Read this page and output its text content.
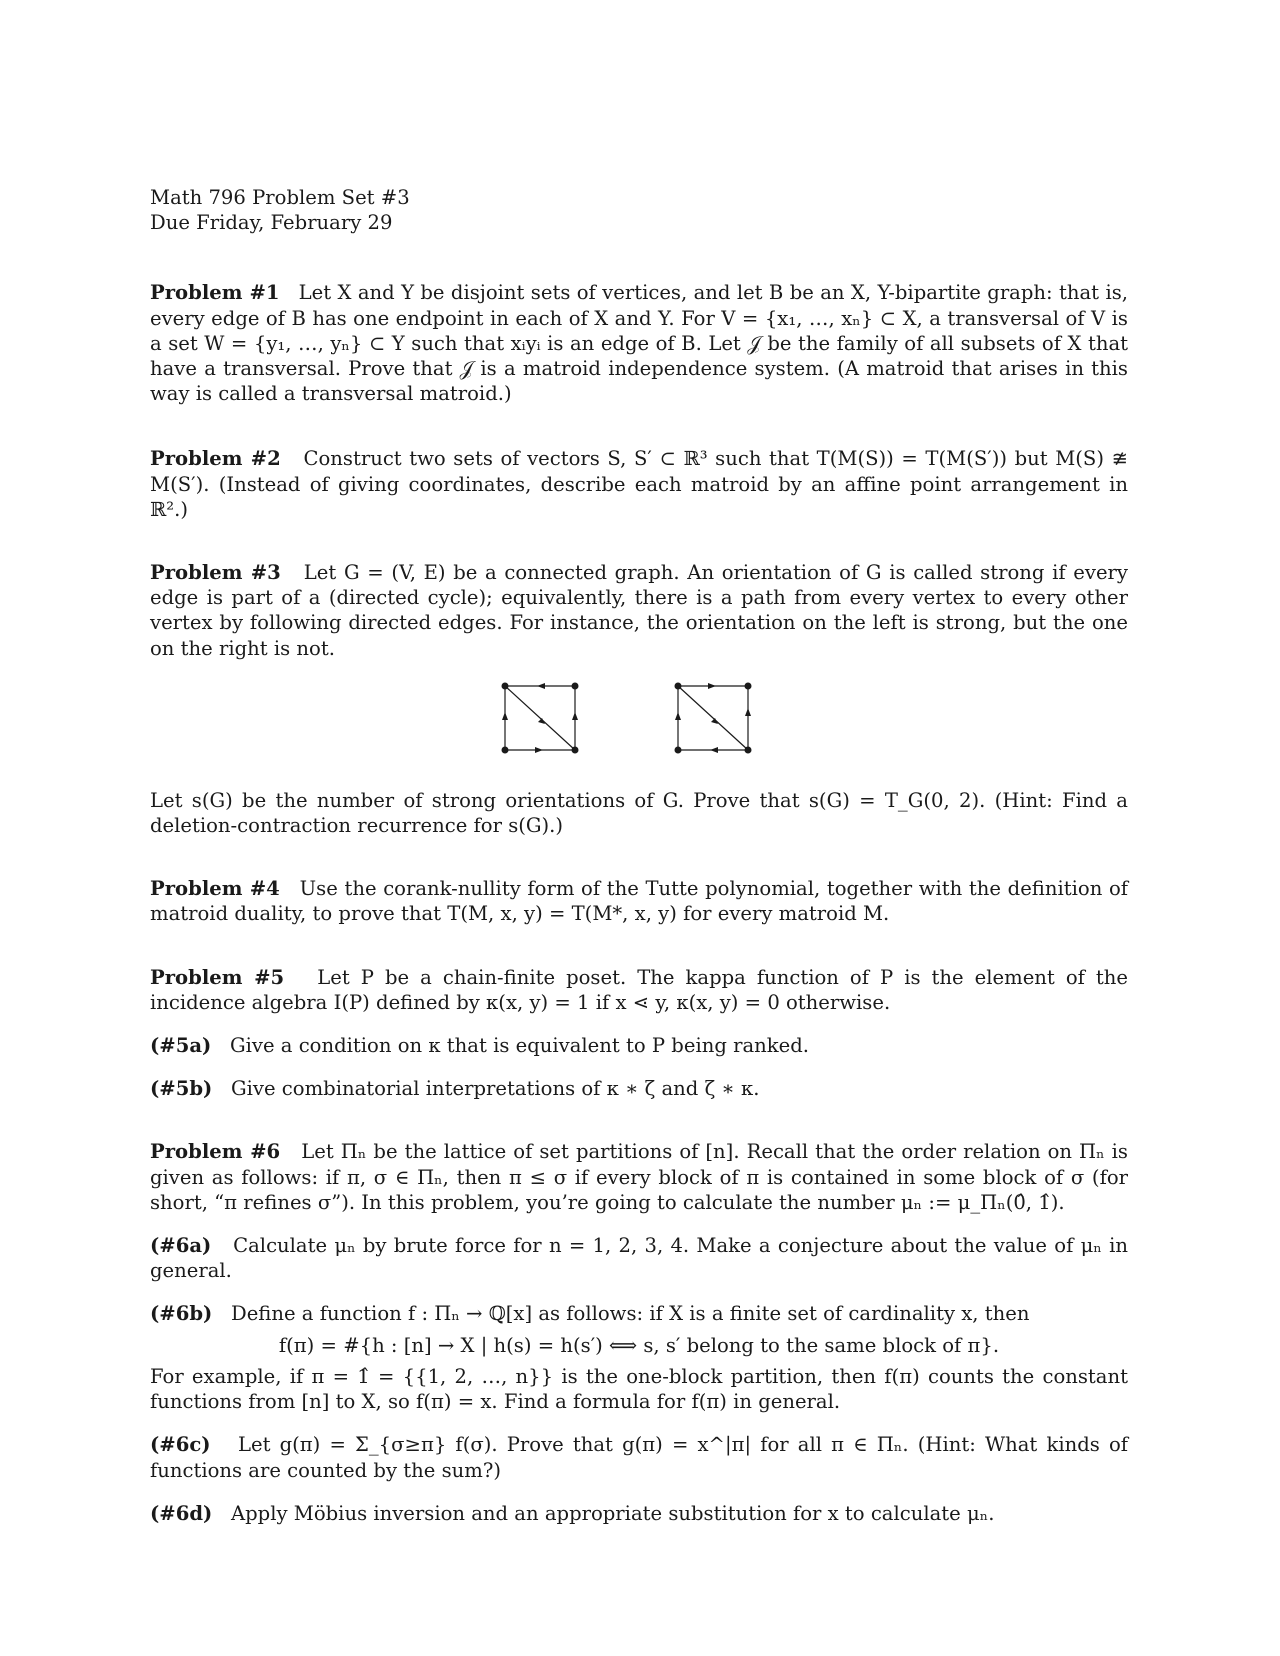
Math 796 Problem Set #3

Due Friday, February 29

Problem #1 Let X and Y be disjoint sets of vertices, and let B be an X, Y-bipartite graph: that is, every edge of B has one endpoint in each of X and Y. For V = {x₁, …, xₙ} ⊂ X, a transversal of V is a set W = {y₁, …, yₙ} ⊂ Y such that xᵢyᵢ is an edge of B. Let 𝒥 be the family of all subsets of X that have a transversal. Prove that 𝒥 is a matroid independence system. (A matroid that arises in this way is called a transversal matroid.)

Problem #2 Construct two sets of vectors S, S′ ⊂ ℝ³ such that T(M(S)) = T(M(S′)) but M(S) ≇ M(S′). (Instead of giving coordinates, describe each matroid by an affine point arrangement in ℝ².)

Problem #3 Let G = (V, E) be a connected graph. An orientation of G is called strong if every edge is part of a (directed cycle); equivalently, there is a path from every vertex to every other vertex by following directed edges. For instance, the orientation on the left is strong, but the one on the right is not.

Let s(G) be the number of strong orientations of G. Prove that s(G) = T_G(0, 2). (Hint: Find a deletion-contraction recurrence for s(G).)

Problem #4 Use the corank-nullity form of the Tutte polynomial, together with the definition of matroid duality, to prove that T(M, x, y) = T(M*, x, y) for every matroid M.

Problem #5 Let P be a chain-finite poset. The kappa function of P is the element of the incidence algebra I(P) defined by κ(x, y) = 1 if x ⋖ y, κ(x, y) = 0 otherwise.

(#5a) Give a condition on κ that is equivalent to P being ranked.

(#5b) Give combinatorial interpretations of κ ∗ ζ and ζ ∗ κ.

Problem #6 Let Πₙ be the lattice of set partitions of [n]. Recall that the order relation on Πₙ is given as follows: if π, σ ∈ Πₙ, then π ≤ σ if every block of π is contained in some block of σ (for short, “π refines σ”). In this problem, you’re going to calculate the number μₙ := μ_Πₙ(0̂, 1̂).

(#6a) Calculate μₙ by brute force for n = 1, 2, 3, 4. Make a conjecture about the value of μₙ in general.

(#6b) Define a function f : Πₙ → ℚ[x] as follows: if X is a finite set of cardinality x, then

f(π) = #{h : [n] → X | h(s) = h(s′) ⟺ s, s′ belong to the same block of π}.

For example, if π = 1̂ = {{1, 2, …, n}} is the one-block partition, then f(π) counts the constant functions from [n] to X, so f(π) = x. Find a formula for f(π) in general.

(#6c) Let g(π) = Σ_{σ≥π} f(σ). Prove that g(π) = x^|π| for all π ∈ Πₙ. (Hint: What kinds of functions are counted by the sum?)

(#6d) Apply Möbius inversion and an appropriate substitution for x to calculate μₙ.
